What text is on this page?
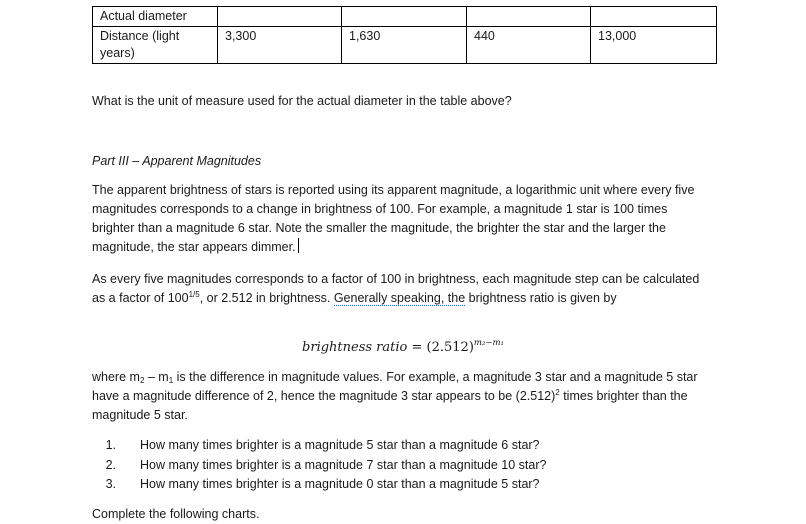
Actual diameter				

Distance (light years)	3,300	1,630	440	13,000

What is the unit of measure used for the actual diameter in the table above?

Part III – Apparent Magnitudes

The apparent brightness of stars is reported using its apparent magnitude, a logarithmic unit where every five magnitudes corresponds to a change in brightness of 100. For example, a magnitude 1 star is 100 times brighter than a magnitude 6 star. Note the smaller the magnitude, the brighter the star and the larger the magnitude, the star appears dimmer.

As every five magnitudes corresponds to a factor of 100 in brightness, each magnitude step can be calculated as a factor of $100^{1/5}$, or 2.512 in brightness. Generally speaking, the brightness ratio is given by

brightness ratio = $(2.512)^{m_2-m_1}$

where $m_2 - m_1$ is the difference in magnitude values. For example, a magnitude 3 star and a magnitude 5 star have a magnitude difference of 2, hence the magnitude 3 star appears to be $(2.512)^2$ times brighter than the magnitude 5 star.

1. How many times brighter is a magnitude 5 star than a magnitude 6 star?
2. How many times brighter is a magnitude 7 star than a magnitude 10 star?
3. How many times brighter is a magnitude 0 star than a magnitude 5 star?

Complete the following charts.
